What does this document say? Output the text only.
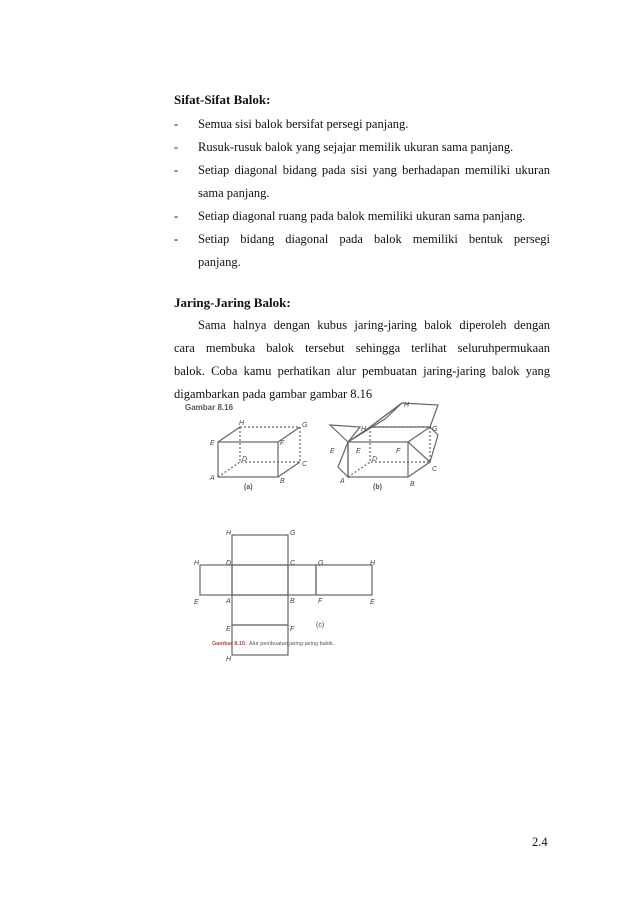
Sifat-Sifat Balok:
- Semua sisi balok bersifat persegi panjang.
- Rusuk-rusuk balok yang sejajar memilik ukuran sama panjang.
- Setiap diagonal bidang pada sisi yang berhadapan memiliki ukuran
sama panjang.
- Setiap diagonal ruang pada balok memiliki ukuran sama panjang.
- Setiap bidang diagonal pada balok memiliki bentuk persegi
panjang.
Jaring-Jaring Balok:
Sama halnya dengan kubus jaring-jaring balok diperoleh dengan
cara membuka balok tersebut sehingga terlihat seluruhpermukaan
balok. Coba kamu perhatikan alur pembuatan jaring-jaring balok yang
digambarkan pada gambar gambar 8.16
Gambar 8.16
E
H	G
F
D
C
A	B
(a)
H
H
G
E
E	F
D
C
A	B
(b)
H	G
H	D	C	G	H
E	A	B	F	E
E	F
H
(c)
Gambar 8.16: Alur pembuatan jaring-jaring balok.
2.4
